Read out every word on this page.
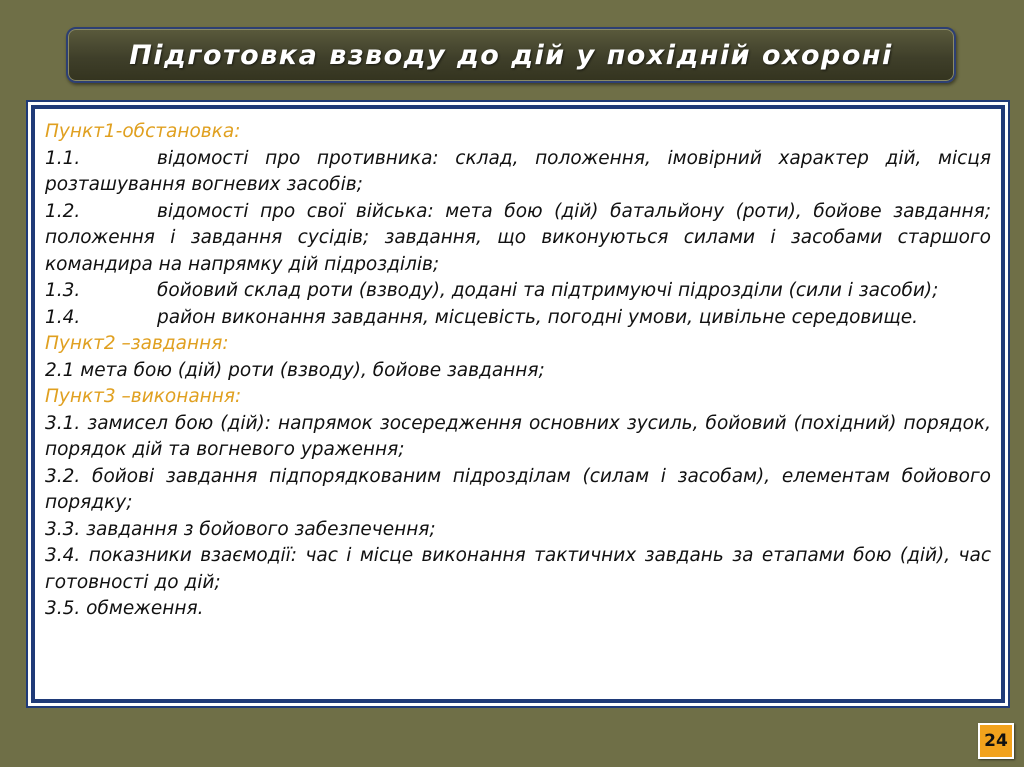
Підготовка взводу до дій у похідній охороні

Пункт1-обстановка:

1.1.	відомості про противника: склад, положення, імовірний характер дій, місця розташування вогневих засобів;

1.2.	відомості про свої війська: мета бою (дій) батальйону (роти), бойове завдання; положення і завдання сусідів; завдання, що виконуються силами і засобами старшого командира на напрямку дій підрозділів;

1.3.	бойовий склад роти (взводу), додані та підтримуючі підрозділи (сили і засоби);

1.4.	район виконання завдання, місцевість, погодні умови, цивільне середовище.

Пункт2 –завдання:

2.1 мета бою (дій) роти (взводу), бойове завдання;

Пункт3 –виконання:

3.1. замисел бою (дій): напрямок зосередження основних зусиль, бойовий (похідний) порядок, порядок дій та вогневого ураження;

3.2. бойові завдання підпорядкованим підрозділам (силам і засобам), елементам бойового порядку;

3.3. завдання з бойового забезпечення;

3.4. показники взаємодії: час і місце виконання тактичних завдань за етапами бою (дій), час готовності до дій;

3.5. обмеження.

24
